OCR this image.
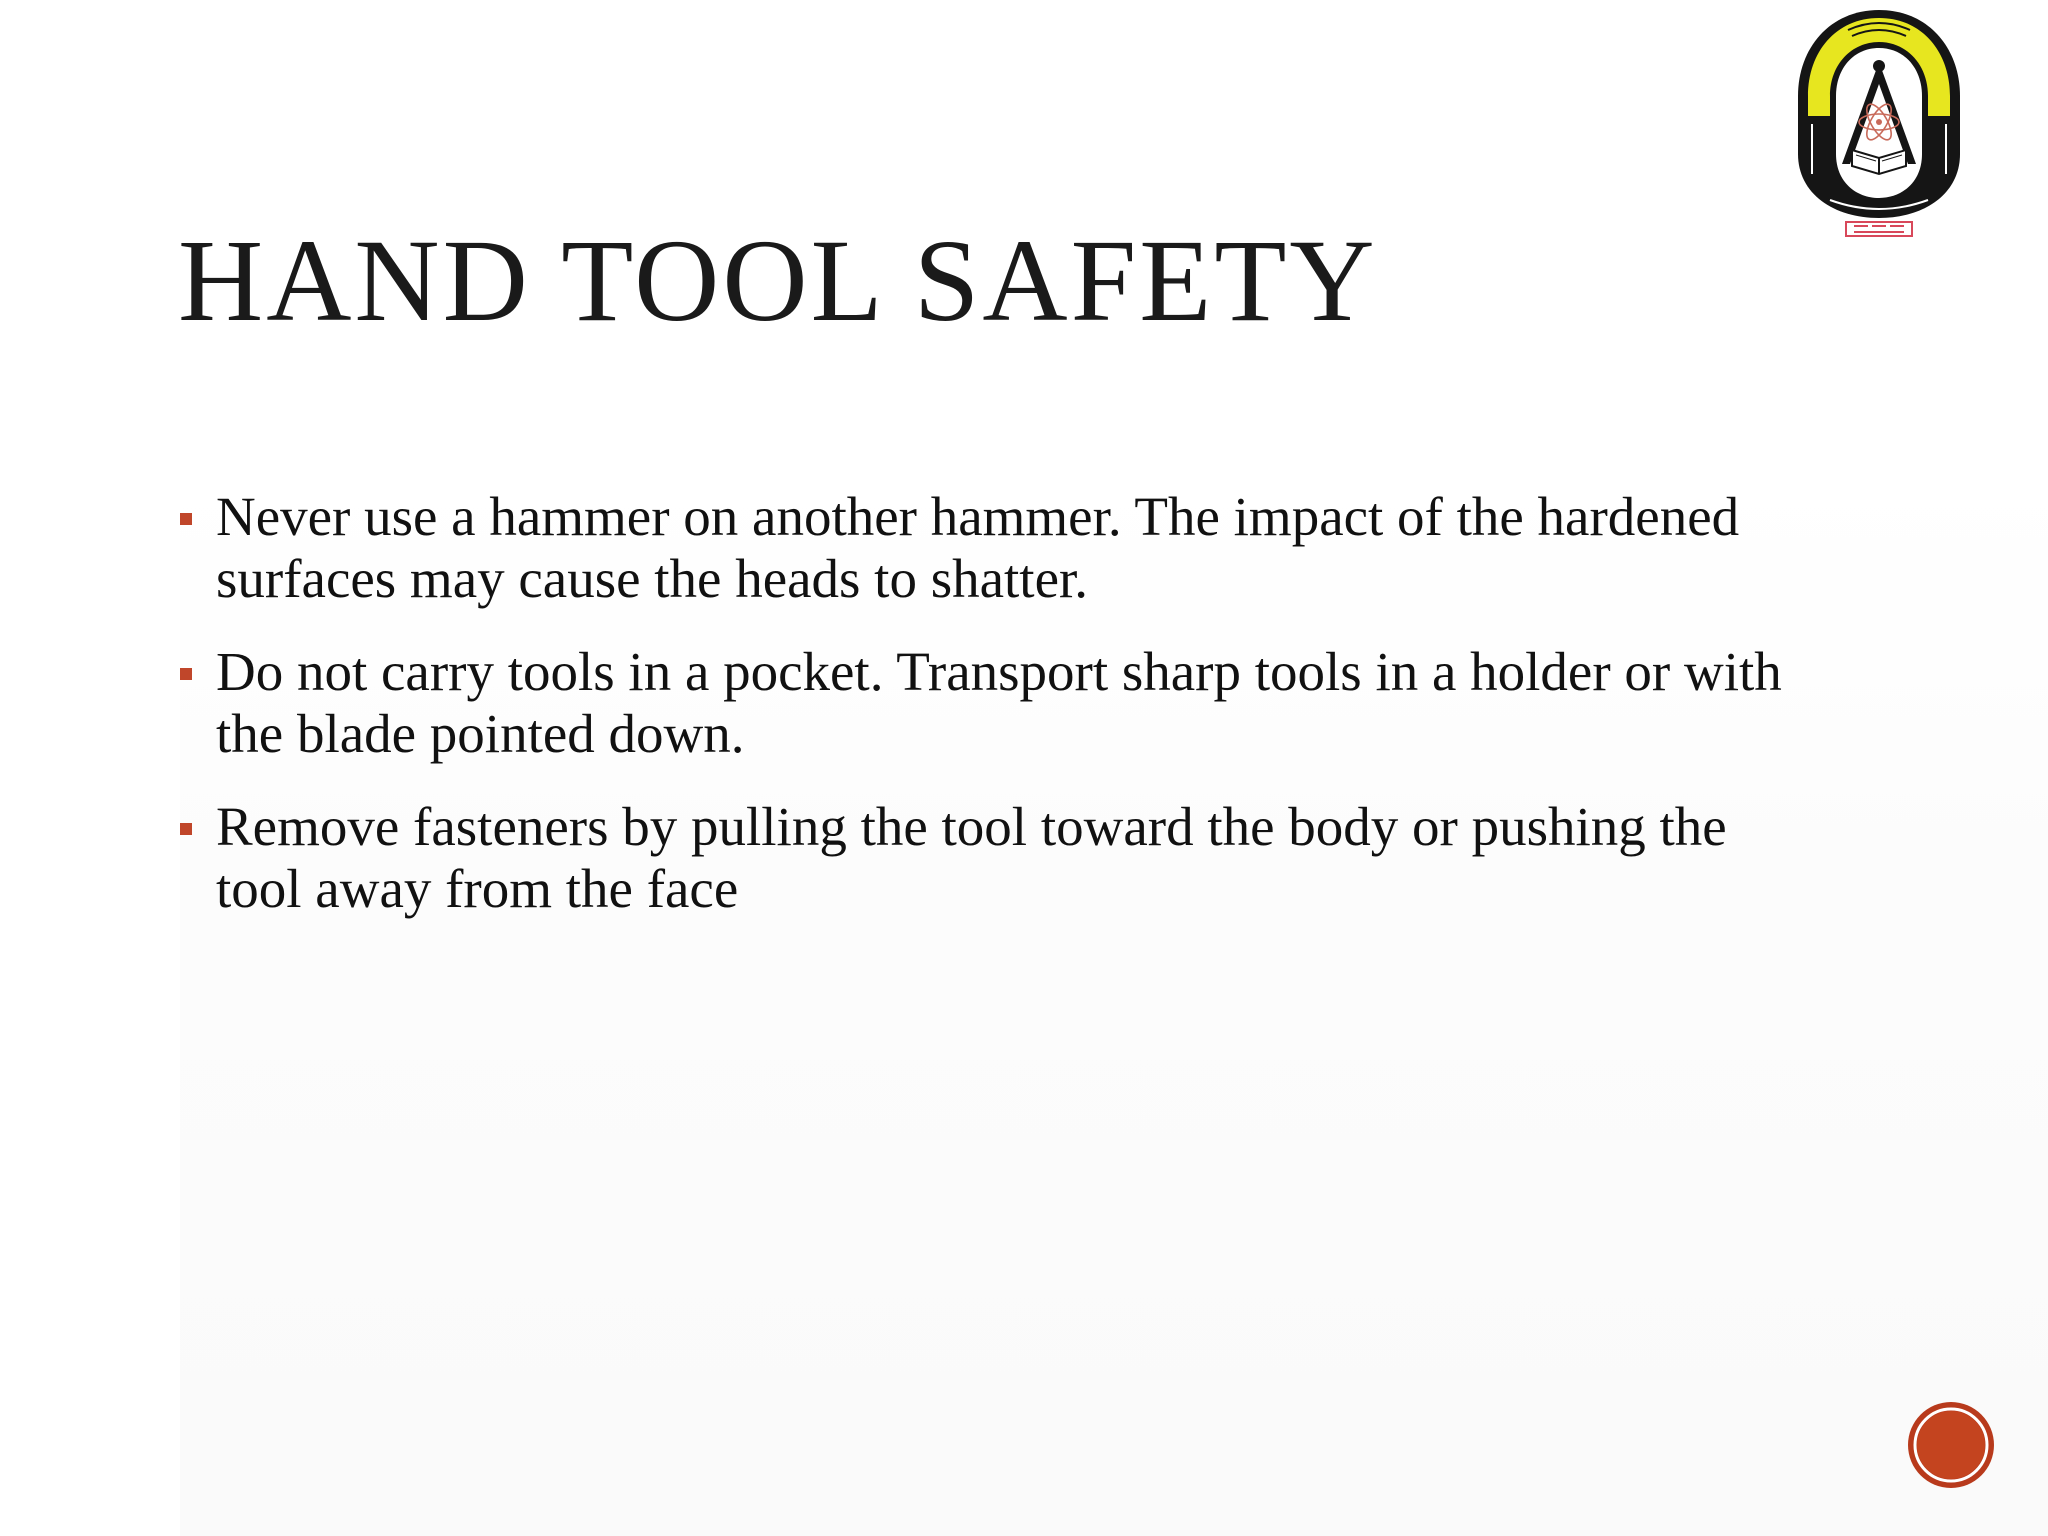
HAND TOOL SAFETY
Never use a hammer on another hammer. The impact of the hardened surfaces may cause the heads to shatter.
Do not carry tools in a pocket. Transport sharp tools in a holder or with the blade pointed down.
Remove fasteners by pulling the tool toward the body or pushing the tool away from the face
